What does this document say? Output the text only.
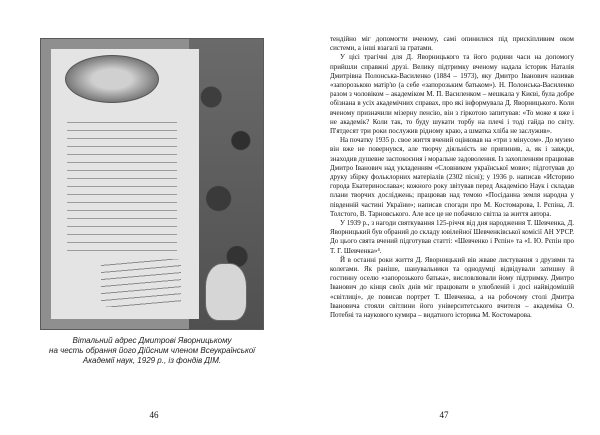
Вітальний адрес Дмитрові Яворницькому
на честь обрання його Дійсним членом Всеукраїнської
Академії наук, 1929 р., із фондів ДІМ.
46

тендійно міг допомогти вченому, самі опинилися під прискіпливим оком системи, а інші взагалі за гратами.

У цісі трагічні для Д. Яворницького та його родини часи на допомогу прийшли справжні друзі. Велику підтримку вченому надала історик Наталія Дмитрівна Полонська-Василенко (1884 – 1973), яку Дмитро Іванович називав «запорозькою матір'ю (а себе «запорозьким батьком»). Н. Полонська-Василенко разом з чоловіком – академіком М. П. Василенком – мешкала у Києві, була добре обізнана в усіх академічних справах, про які інформувала Д. Яворницького. Коли вченому призначили мізерну пенсію, він з гіркотою запитував: «То може я вже і не академік? Коли так, то буду шукати торбу на плечі і тоді гайда по світу. П'ятдесят три роки послужив рідному краю, а шматка хліба не заслужив».

На початку 1935 р. свое життя вчений оцінював на «три з мінусом». До музею він вже не повернувся, але творчу діяльність не припинив, а, як і завжди, знаходив душевне заспокоєння і моральне задоволення. Із захопленням працював Дмитро Іванович над укладенням «Словником української мови»; підготував до друку збірку фольклорних матеріалів (2302 пісні); у 1936 р. написав «Историю города Екатеринослава»; кожного року звітував перед Академією Наук і складав плани творчих досліджень; працював над темою «Посіданна земля народна у південній частині України»; написав спогади про М. Костомарова, І. Рєпіна, Л. Толстого, В. Тарновського. Але все це не побачило світла за життя автора.

У 1939 р., з нагоди святкування 125-річчя від дня народження Т. Шевченка, Д. Яворницький був обраний до складу ювілейної Шевченківської комісії АН УРСР. До цього свята вчений підготував статті: «Шевченко і Рєпін» та «І. Ю. Рєпін про Т. Г. Шевченка»⁴.

Й в останні роки життя Д. Яворницький вів жваве листування з друзями та колегами. Як раніше, шанувальники та однодумці відвідували затишну й гостинну оселю «запорозького батька», висловлювали йому підтримку. Дмитро Іванович до кінця своїх днів міг працювати в улюбленій і досі найвідомішій «світлиці», де повисав портрет Т. Шевченка, а на робочому столі Дмитра Івановича стояли світлини його університетського вчителя – академіка О. Потебні та наукового кумира – видатного історика М. Костомарова.

47
